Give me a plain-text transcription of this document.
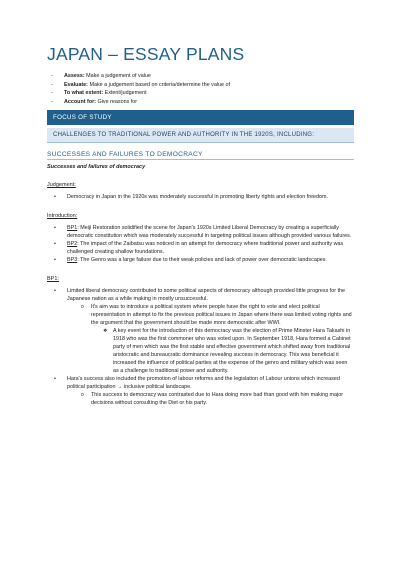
JAPAN – ESSAY PLANS
- Assess: Make a judgement of value
- Evaluate: Make a judgement based on criteria/determine the value of
- To what extent: Extent/judgement
- Account for: Give reasons for
FOCUS OF STUDY
CHALLENGES TO TRADITIONAL POWER AND AUTHORITY IN THE 1920S, INCLUDING:
SUCCESSES AND FAILURES TO DEMOCRACY
Successes and failures of democracy
Judgement:
• Democracy in Japan in the 1920s was moderately successful in promoting liberty rights and election freedom.
Introduction:
• BP1: Meiji Restoration solidified the scene for Japan's 1920s Limited Liberal Democracy by creating a superficially democratic constitution which was moderately successful in targeting political issues although provided various failures.
• BP2: The impact of the Zaibatsu was noticed in an attempt for democracy where traditional power and authority was challenged creating shallow foundations.
• BP3: The Genro was a large failure due to their weak policies and lack of power over democratic landscapes.
BP1:
• Limited liberal democracy contributed to some political aspects of democracy although provided little progress for the Japanese nation as a while making in mostly unsuccessful.
o It's aim was to introduce a political system where people have the right to vote and elect political representation in attempt to fix the previous political issues in Japan where there was limited voting rights and the argument that the government should be made more democratic after WWI.
❖ A key event for the introduction of this democracy was the election of Prime Minster Hara Takashi in 1918 who was the first commoner who was voted upon. In September 1918, Hara formed a Cabinet party of men which was the first stable and effective government which shifted away from traditional aristocratic and bureaucratic dominance revealing success in democracy. This was beneficial it increased the influence of political parties at the expense of the genro and military which was seen as a challenge to traditional power and authority.
• Hara's success also included the promotion of labour reforms and the legislation of Labour unions which increased political participation → inclusive political landscape.
o This success to democracy was contrasted due to Hara doing more bad than good with him making major decisions without consulting the Diet or his party.
